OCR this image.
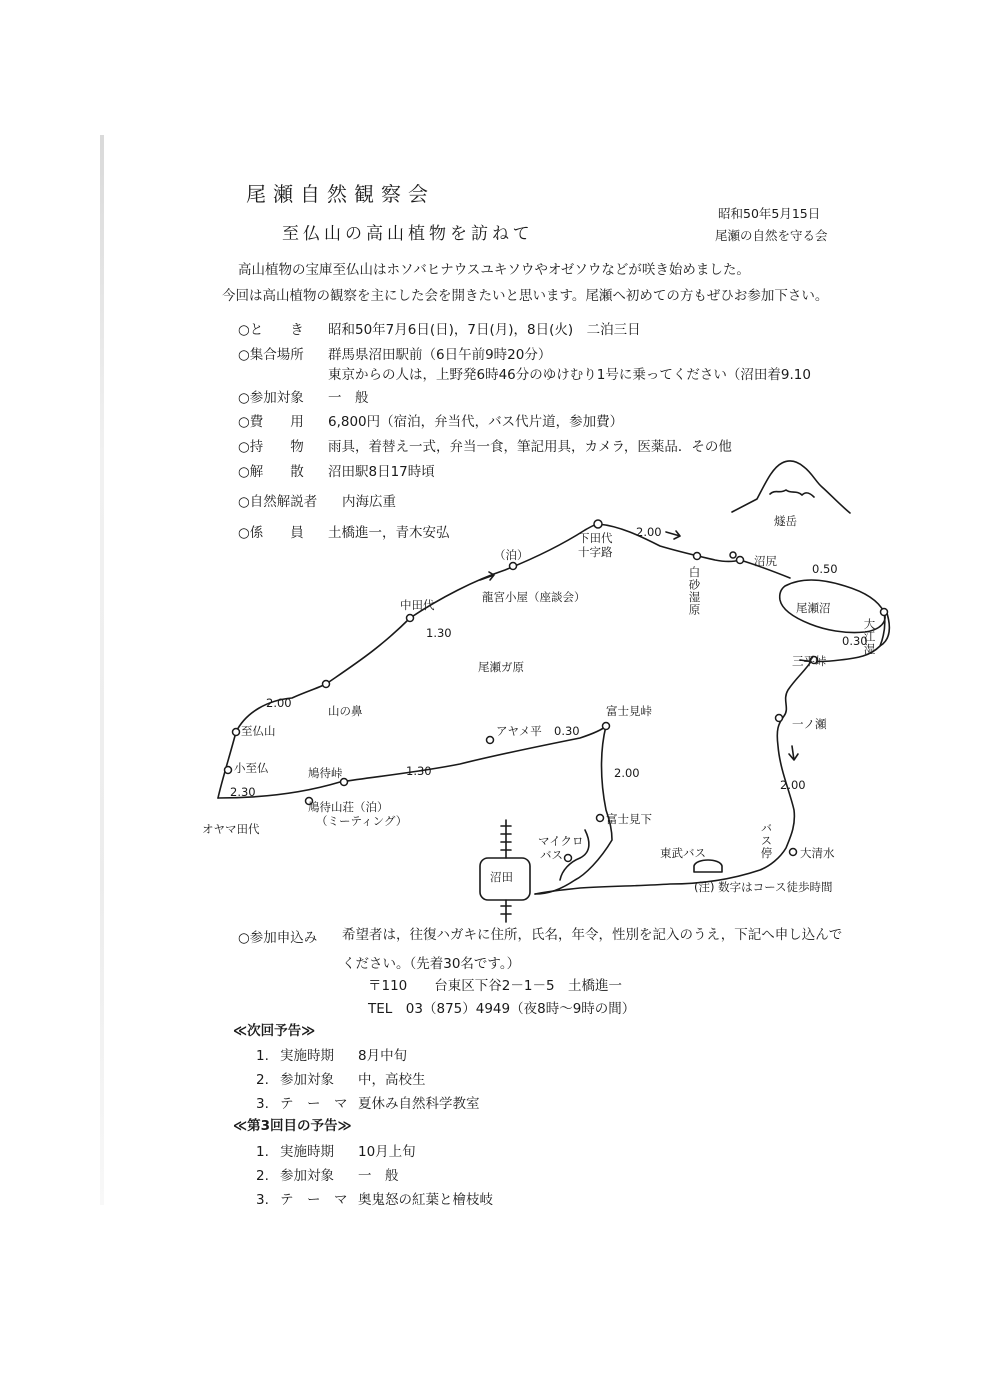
尾瀬自然観察会
至仏山の高山植物を訪ねて
昭和50年5月15日
尾瀬の自然を守る会
高山植物の宝庫至仏山はホソバヒナウスユキソウやオゼソウなどが咲き始めました。
今回は高山植物の観察を主にした会を開きたいと思います。尾瀬へ初めての方もぜひお参加下さい。
○と　　き 昭和50年7月6日(日)，7日(月)，8日(火)　二泊三日
○集合場所 群馬県沼田駅前（6日午前9時20分）
東京からの人は，上野発6時46分のゆけむり1号に乗ってください（沼田着9.10
○参加対象 一　般
○費　　用 6,800円（宿泊，弁当代，バス代片道，参加費）
○持　　物 雨具，着替え一式，弁当一食，筆記用具，カメラ，医薬品．その他
○解　　散 沼田駅8日17時頃
○自然解説者 内海広重
○係　　員 土橋進一，青木安弘
燧岳
下田代
十字路
2.00
（泊）
龍宮小屋（座談会）
中田代
1.30
白砂湿原
沼尻
0.50
尾瀬沼
大江湿
0.30
三平峠
尾瀬ガ原
2.00
山の鼻
至仏山
小至仏
2.30
オヤマ田代
鳩待峠	1.30
鳩待山荘（泊）
（ミーティング）
アヤメ平 0.30
富士見峠
2.00
富士見下
一ノ瀬
2.00
バス停 大清水
マイクロ
バス	東武バス
沼田
(注) 数字はコース徒歩時間
○参加申込み 希望者は，往復ハガキに住所，氏名，年令，性別を記入のうえ，下記へ申し込んで
ください。（先着30名です。）
〒110　　台東区下谷2－1－5　土橋進一
TEL　03（875）4949（夜8時～9時の間）
≪次回予告≫
1. 実施時期 8月中旬
2. 参加対象 中，高校生
3. テ　ー　マ 夏休み自然科学教室
≪第3回目の予告≫
1. 実施時期 10月上旬
2. 参加対象 一　般
3. テ　ー　マ 奥鬼怒の紅葉と檜枝岐
